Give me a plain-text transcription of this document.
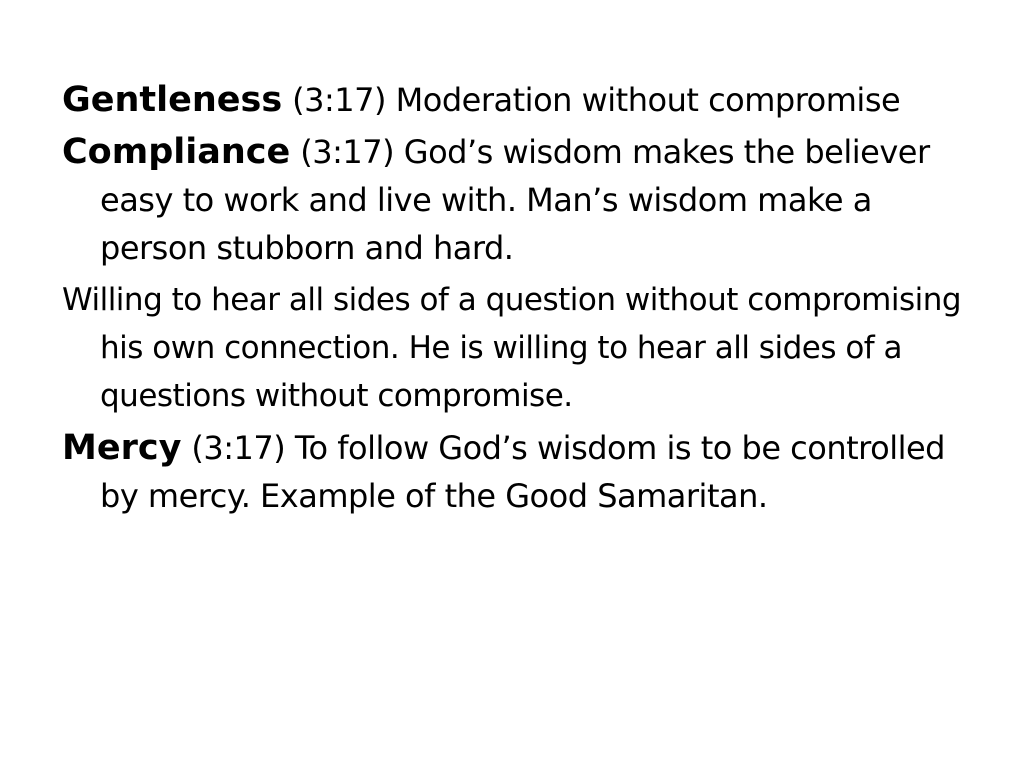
Gentleness (3:17) Moderation without compromise

Compliance (3:17) God’s wisdom makes the believer easy to work and live with. Man’s wisdom make a person stubborn and hard.

Willing to hear all sides of a question without compromising his own connection. He is willing to hear all sides of a questions without compromise.

Mercy (3:17) To follow God’s wisdom is to be controlled by mercy. Example of the Good Samaritan.
